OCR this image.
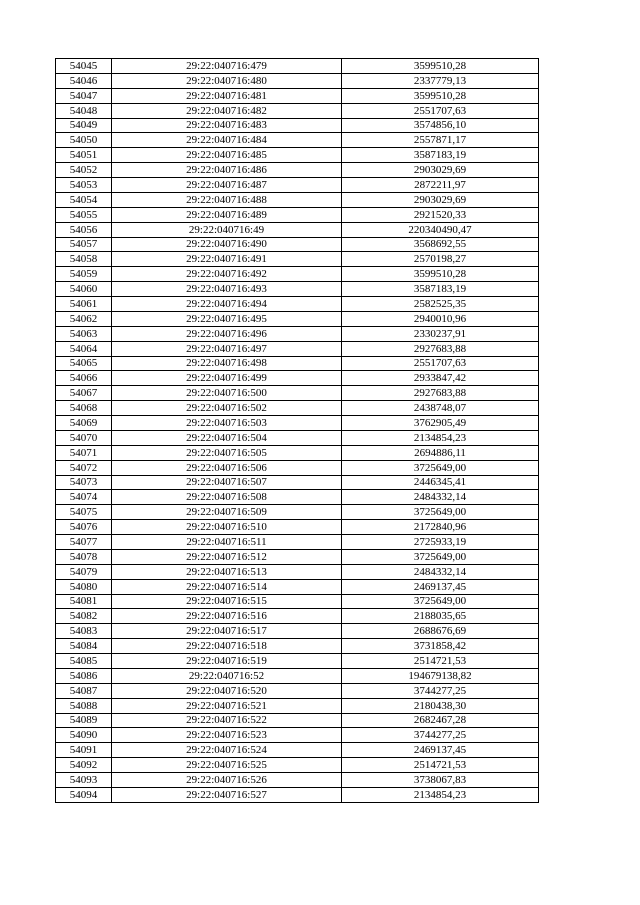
54045	29:22:040716:479	3599510,28
54046	29:22:040716:480	2337779,13
54047	29:22:040716:481	3599510,28
54048	29:22:040716:482	2551707,63
54049	29:22:040716:483	3574856,10
54050	29:22:040716:484	2557871,17
54051	29:22:040716:485	3587183,19
54052	29:22:040716:486	2903029,69
54053	29:22:040716:487	2872211,97
54054	29:22:040716:488	2903029,69
54055	29:22:040716:489	2921520,33
54056	29:22:040716:49	220340490,47
54057	29:22:040716:490	3568692,55
54058	29:22:040716:491	2570198,27
54059	29:22:040716:492	3599510,28
54060	29:22:040716:493	3587183,19
54061	29:22:040716:494	2582525,35
54062	29:22:040716:495	2940010,96
54063	29:22:040716:496	2330237,91
54064	29:22:040716:497	2927683,88
54065	29:22:040716:498	2551707,63
54066	29:22:040716:499	2933847,42
54067	29:22:040716:500	2927683,88
54068	29:22:040716:502	2438748,07
54069	29:22:040716:503	3762905,49
54070	29:22:040716:504	2134854,23
54071	29:22:040716:505	2694886,11
54072	29:22:040716:506	3725649,00
54073	29:22:040716:507	2446345,41
54074	29:22:040716:508	2484332,14
54075	29:22:040716:509	3725649,00
54076	29:22:040716:510	2172840,96
54077	29:22:040716:511	2725933,19
54078	29:22:040716:512	3725649,00
54079	29:22:040716:513	2484332,14
54080	29:22:040716:514	2469137,45
54081	29:22:040716:515	3725649,00
54082	29:22:040716:516	2188035,65
54083	29:22:040716:517	2688676,69
54084	29:22:040716:518	3731858,42
54085	29:22:040716:519	2514721,53
54086	29:22:040716:52	194679138,82
54087	29:22:040716:520	3744277,25
54088	29:22:040716:521	2180438,30
54089	29:22:040716:522	2682467,28
54090	29:22:040716:523	3744277,25
54091	29:22:040716:524	2469137,45
54092	29:22:040716:525	2514721,53
54093	29:22:040716:526	3738067,83
54094	29:22:040716:527	2134854,23
